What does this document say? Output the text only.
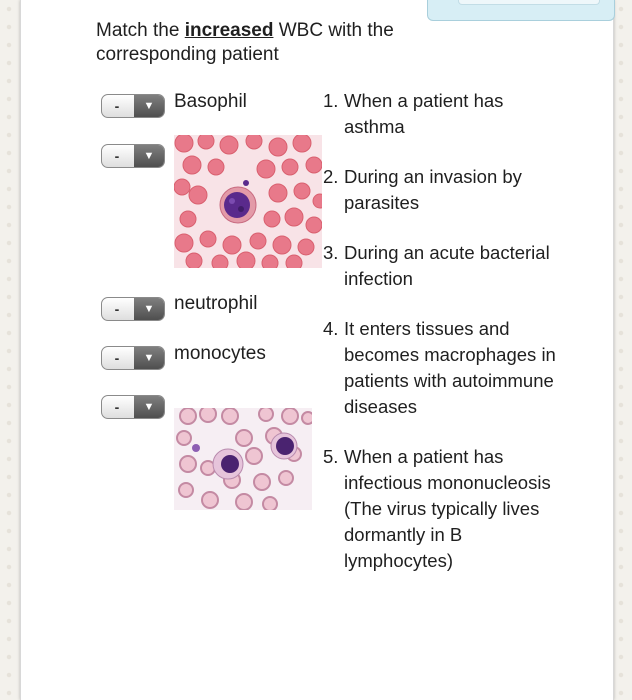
Match the increased WBC with the corresponding patient
-	▼	Basophil
-	▼
-	▼	neutrophil
-	▼	monocytes
-	▼
1. When a patient has asthma
2. During an invasion by parasites
3. During an acute bacterial infection
4. It enters tissues and becomes macrophages in patients with autoimmune diseases
5. When a patient has infectious mononucleosis (The virus typically lives dormantly in B lymphocytes)
